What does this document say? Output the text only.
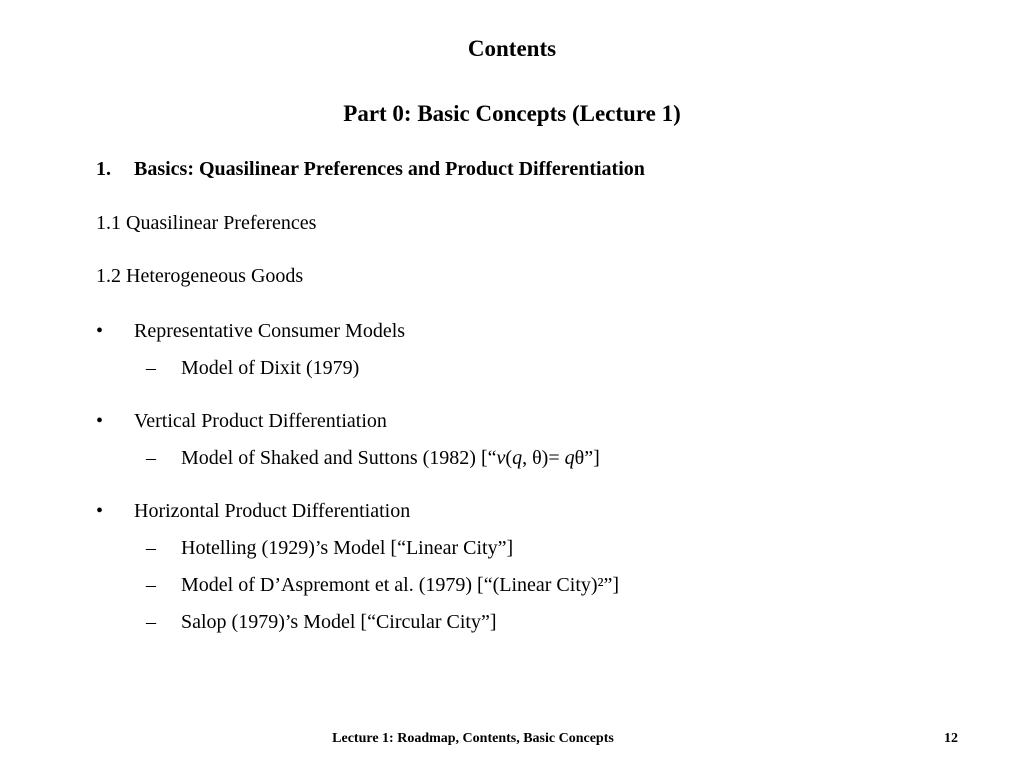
Contents
Part 0: Basic Concepts (Lecture 1)
1. Basics: Quasilinear Preferences and Product Differentiation
1.1 Quasilinear Preferences
1.2 Heterogeneous Goods
• Representative Consumer Models
– Model of Dixit (1979)
• Vertical Product Differentiation
– Model of Shaked and Suttons (1982) [“v(q, θ)= qθ”]
• Horizontal Product Differentiation
– Hotelling (1929)’s Model [“Linear City”]
– Model of D’Aspremont et al. (1979) [“(Linear City)²”]
– Salop (1979)’s Model [“Circular City”]
Lecture 1: Roadmap, Contents, Basic Concepts	12
